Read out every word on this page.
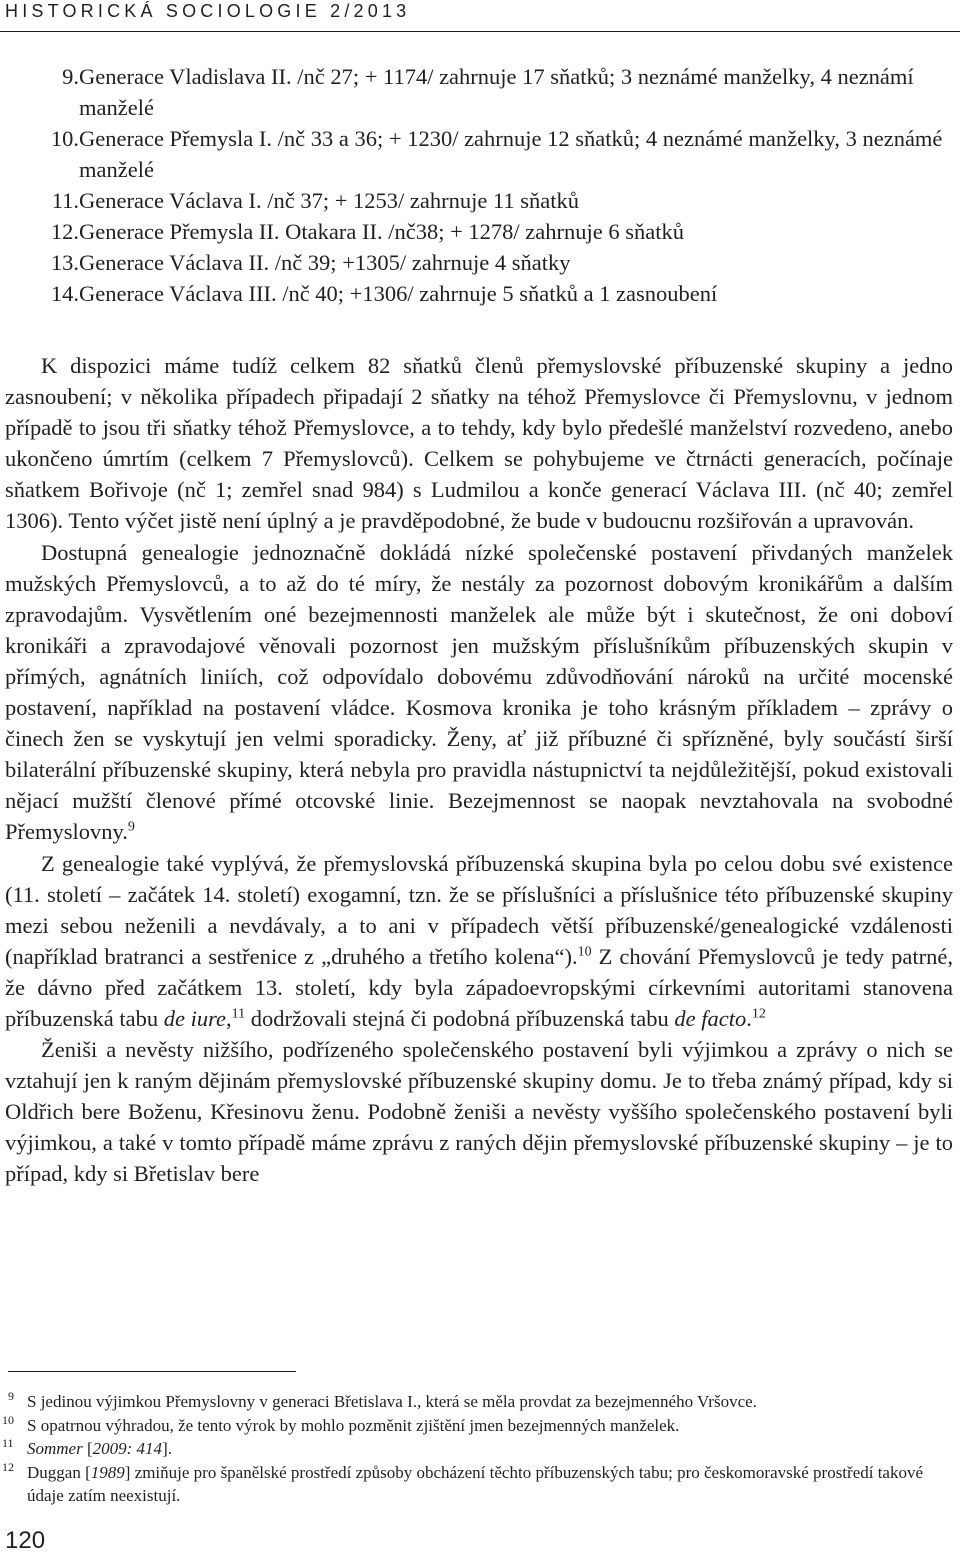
HISTORICKÁ SOCIOLOGIE 2/2013
9. Generace Vladislava II. /nč 27; + 1174/ zahrnuje 17 sňatků; 3 neznámé manželky, 4 neznámí manželé
10. Generace Přemysla I. /nč 33 a 36; + 1230/ zahrnuje 12 sňatků; 4 neznámé manželky, 3 neznámé manželé
11. Generace Václava I. /nč 37; + 1253/ zahrnuje 11 sňatků
12. Generace Přemysla II. Otakara II. /nč38; + 1278/ zahrnuje 6 sňatků
13. Generace Václava II. /nč 39; +1305/ zahrnuje 4 sňatky
14. Generace Václava III. /nč 40; +1306/ zahrnuje 5 sňatků a 1 zasnoubení

K dispozici máme tudíž celkem 82 sňatků členů přemyslovské příbuzenské skupiny a jedno zasnoubení; v několika případech připadají 2 sňatky na téhož Přemyslovce či Přemyslovnu, v jednom případě to jsou tři sňatky téhož Přemyslovce, a to tehdy, kdy bylo předešlé manželství rozvedeno, anebo ukončeno úmrtím (celkem 7 Přemyslovců). Celkem se pohybujeme ve čtrnácti generacích, počínaje sňatkem Bořivoje (nč 1; zemřel snad 984) s Ludmilou a konče generací Václava III. (nč 40; zemřel 1306). Tento výčet jistě není úplný a je pravděpodobné, že bude v budoucnu rozšiřován a upravován.

Dostupná genealogie jednoznačně dokládá nízké společenské postavení přivdaných manželek mužských Přemyslovců, a to až do té míry, že nestály za pozornost dobovým kronikářům a dalším zpravodajům. Vysvětlením oné bezejmennosti manželek ale může být i skutečnost, že oni doboví kronikáři a zpravodajové věnovali pozornost jen mužským příslušníkům příbuzenských skupin v přímých, agnátních liniích, což odpovídalo dobovému zdůvodňování nároků na určité mocenské postavení, například na postavení vládce. Kosmova kronika je toho krásným příkladem – zprávy o činech žen se vyskytují jen velmi sporadicky. Ženy, ať již příbuzné či spřízněné, byly součástí širší bilaterální příbuzenské skupiny, která nebyla pro pravidla nástupnictví ta nejdůležitější, pokud existovali nějací mužští členové přímé otcovské linie. Bezejmennost se naopak nevztahovala na svobodné Přemyslovny.$^9$

Z genealogie také vyplývá, že přemyslovská příbuzenská skupina byla po celou dobu své existence (11. století – začátek 14. století) exogamní, tzn. že se příslušníci a příslušnice této příbuzenské skupiny mezi sebou neženili a nevdávaly, a to ani v případech větší příbuzenské/genealogické vzdálenosti (například bratranci a sestřenice z „druhého a třetího kolena“).$^{10}$ Z chování Přemyslovců je tedy patrné, že dávno před začátkem 13. století, kdy byla západoevropskými církevními autoritami stanovena příbuzenská tabu de iure,$^{11}$ dodržovali stejná či podobná příbuzenská tabu de facto.$^{12}$

Ženiši a nevěsty nižšího, podřízeného společenského postavení byli výjimkou a zprávy o nich se vztahují jen k raným dějinám přemyslovské příbuzenské skupiny domu. Je to třeba známý případ, kdy si Oldřich bere Boženu, Křesinovu ženu. Podobně ženiši a nevěsty vyššího společenského postavení byli výjimkou, a také v tomto případě máme zprávu z raných dějin přemyslovské příbuzenské skupiny – je to případ, kdy si Břetislav bere

9 S jedinou výjimkou Přemyslovny v generaci Břetislava I., která se měla provdat za bezejmenného Vršovce.
10 S opatrnou výhradou, že tento výrok by mohlo pozměnit zjištění jmen bezejmenných manželek.
11 Sommer [2009: 414].
12 Duggan [1989] zmiňuje pro španělské prostředí způsoby obcházení těchto příbuzenských tabu; pro českomoravské prostředí takové údaje zatím neexistují.
120
